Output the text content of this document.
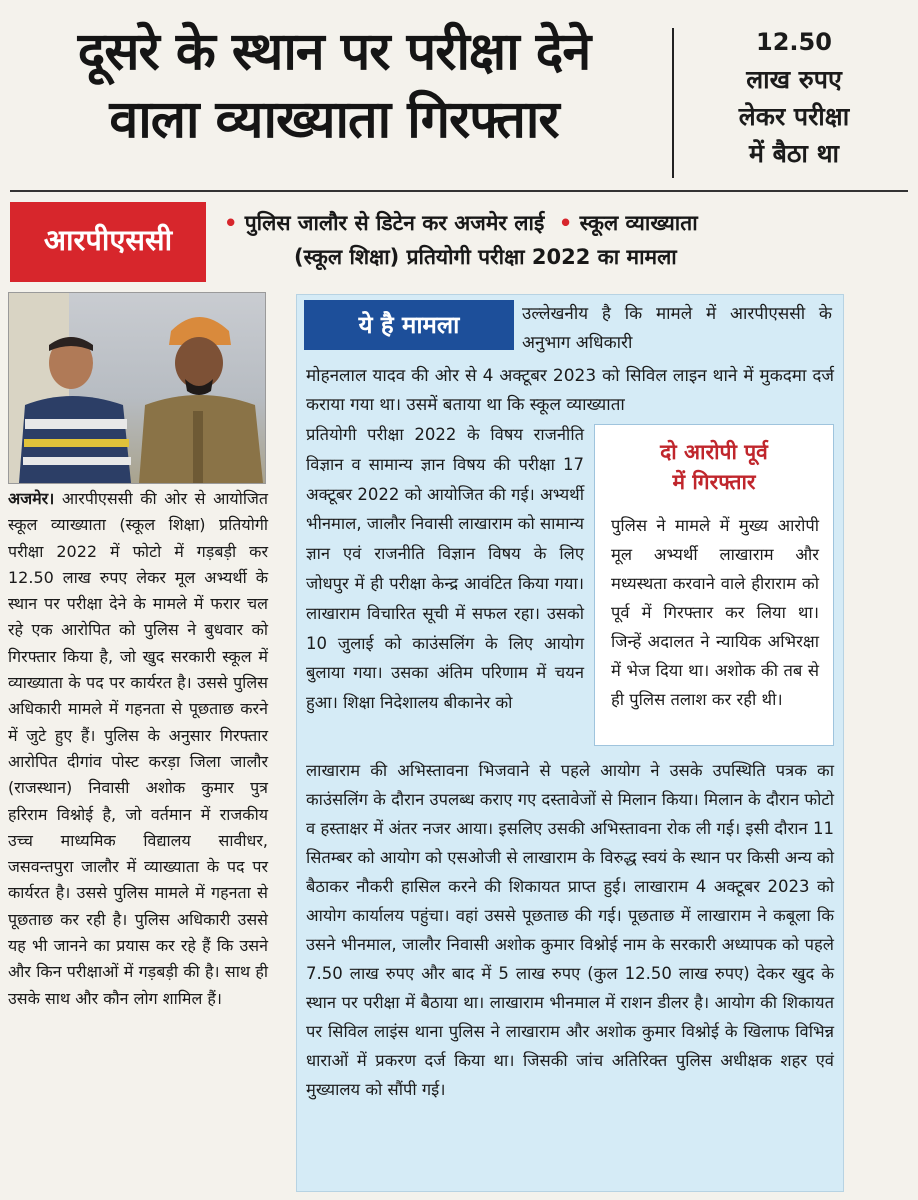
दूसरे के स्थान पर परीक्षा देने
वाला व्याख्याता गिरफ्तार
12.50
लाख रुपए
लेकर परीक्षा
में बैठा था
आरपीएससी	• पुलिस जालौर से डिटेन कर अजमेर लाई • स्कूल व्याख्याता
(स्कूल शिक्षा) प्रतियोगी परीक्षा 2022 का मामला
अजमेर। आरपीएससी की ओर से आयोजित स्कूल व्याख्याता (स्कूल शिक्षा) प्रतियोगी परीक्षा 2022 में फोटो में गड़बड़ी कर 12.50 लाख रुपए लेकर मूल अभ्यर्थी के स्थान पर परीक्षा देने के मामले में फरार चल रहे एक आरोपित को पुलिस ने बुधवार को गिरफ्तार किया है, जो खुद सरकारी स्कूल में व्याख्याता के पद पर कार्यरत है। उससे पुलिस अधिकारी मामले में गहनता से पूछताछ करने में जुटे हुए हैं। पुलिस के अनुसार गिरफ्तार आरोपित दीगांव पोस्ट करड़ा जिला जालौर (राजस्थान) निवासी अशोक कुमार पुत्र हरिराम विश्नोई है, जो वर्तमान में राजकीय उच्च माध्यमिक विद्यालय सावीधर, जसवन्तपुरा जालौर में व्याख्याता के पद पर कार्यरत है। उससे पुलिस मामले में गहनता से पूछताछ कर रही है। पुलिस अधिकारी उससे यह भी जानने का प्रयास कर रहे हैं कि उसने और किन परीक्षाओं में गड़बड़ी की है। साथ ही उसके साथ और कौन लोग शामिल हैं।
ये है मामला	उल्लेखनीय है कि मामले में आरपीएससी के अनुभाग अधिकारी
मोहनलाल यादव की ओर से 4 अक्टूबर 2023 को सिविल लाइन थाने में मुकदमा दर्ज कराया गया था। उसमें बताया था कि स्कूल व्याख्याता
प्रतियोगी परीक्षा 2022 के विषय राजनीति विज्ञान व सामान्य ज्ञान विषय की परीक्षा 17 अक्टूबर 2022 को आयोजित की गई। अभ्यर्थी भीनमाल, जालौर निवासी लाखाराम को सामान्य ज्ञान एवं राजनीति विज्ञान विषय के लिए जोधपुर में ही परीक्षा केन्द्र आवंटित किया गया। लाखाराम विचारित सूची में सफल रहा। उसको 10 जुलाई को काउंसलिंग के लिए आयोग बुलाया गया। उसका अंतिम परिणाम में चयन हुआ। शिक्षा निदेशालय बीकानेर को
दो आरोपी पूर्व
में गिरफ्तार
पुलिस ने मामले में मुख्य आरोपी मूल अभ्यर्थी लाखाराम और मध्यस्थता करवाने वाले हीराराम को पूर्व में गिरफ्तार कर लिया था। जिन्हें अदालत ने न्यायिक अभिरक्षा में भेज दिया था। अशोक की तब से ही पुलिस तलाश कर रही थी।
लाखाराम की अभिस्तावना भिजवाने से पहले आयोग ने उसके उपस्थिति पत्रक का काउंसलिंग के दौरान उपलब्ध कराए गए दस्तावेजों से मिलान किया। मिलान के दौरान फोटो व हस्ताक्षर में अंतर नजर आया। इसलिए उसकी अभिस्तावना रोक ली गई। इसी दौरान 11 सितम्बर को आयोग को एसओजी से लाखाराम के विरुद्ध स्वयं के स्थान पर किसी अन्य को बैठाकर नौकरी हासिल करने की शिकायत प्राप्त हुई। लाखाराम 4 अक्टूबर 2023 को आयोग कार्यालय पहुंचा। वहां उससे पूछताछ की गई। पूछताछ में लाखाराम ने कबूला कि उसने भीनमाल, जालौर निवासी अशोक कुमार विश्नोई नाम के सरकारी अध्यापक को पहले 7.50 लाख रुपए और बाद में 5 लाख रुपए (कुल 12.50 लाख रुपए) देकर खुद के स्थान पर परीक्षा में बैठाया था। लाखाराम भीनमाल में राशन डीलर है। आयोग की शिकायत पर सिविल लाइंस थाना पुलिस ने लाखाराम और अशोक कुमार विश्नोई के खिलाफ विभिन्न धाराओं में प्रकरण दर्ज किया था। जिसकी जांच अतिरिक्त पुलिस अधीक्षक शहर एवं मुख्यालय को सौंपी गई।
